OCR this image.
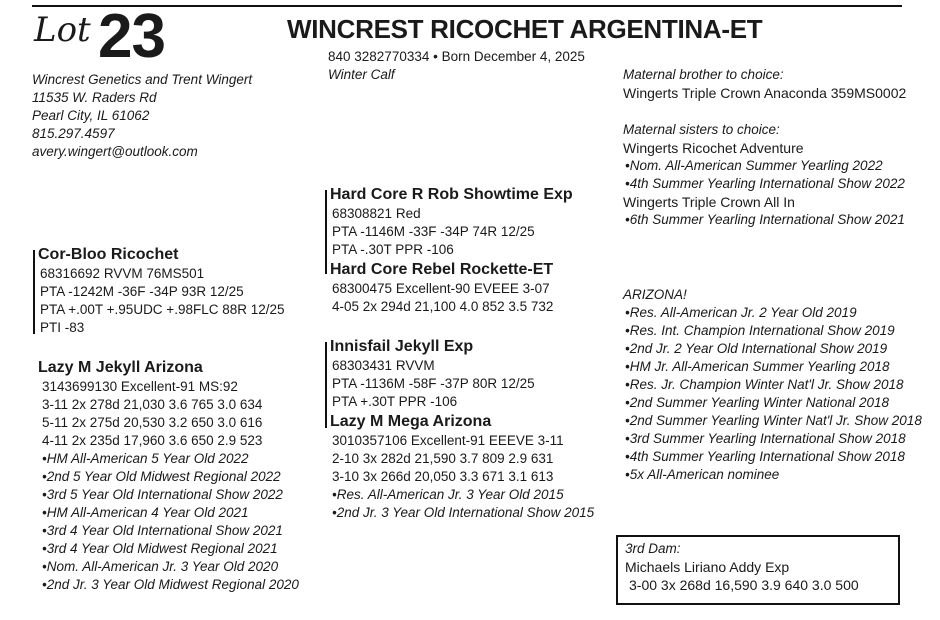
Lot 23	WINCREST RICOCHET ARGENTINA-ET
840 3282770334 • Born December 4, 2025
Winter Calf
Wincrest Genetics and Trent Wingert
11535 W. Raders Rd
Pearl City, IL 61062
815.297.4597
avery.wingert@outlook.com
Cor-Bloo Ricochet
68316692 RVVM 76MS501
PTA -1242M -36F -34P 93R 12/25
PTA +.00T +.95UDC +.98FLC 88R 12/25
PTI -83
Lazy M Jekyll Arizona
3143699130 Excellent-91 MS:92
3-11 2x 278d 21,030 3.6 765 3.0 634
5-11 2x 275d 20,530 3.2 650 3.0 616
4-11 2x 235d 17,960 3.6 650 2.9 523
•HM All-American 5 Year Old 2022
•2nd 5 Year Old Midwest Regional 2022
•3rd 5 Year Old International Show 2022
•HM All-American 4 Year Old 2021
•3rd 4 Year Old International Show 2021
•3rd 4 Year Old Midwest Regional 2021
•Nom. All-American Jr. 3 Year Old 2020
•2nd Jr. 3 Year Old Midwest Regional 2020
Hard Core R Rob Showtime Exp
68308821 Red
PTA -1146M -33F -34P 74R 12/25
PTA -.30T PPR -106
Hard Core Rebel Rockette-ET
68300475 Excellent-90 EVEEE 3-07
4-05 2x 294d 21,100 4.0 852 3.5 732
Innisfail Jekyll Exp
68303431 RVVM
PTA -1136M -58F -37P 80R 12/25
PTA +.30T PPR -106
Lazy M Mega Arizona
3010357106 Excellent-91 EEEVE 3-11
2-10 3x 282d 21,590 3.7 809 2.9 631
3-10 3x 266d 20,050 3.3 671 3.1 613
•Res. All-American Jr. 3 Year Old 2015
•2nd Jr. 3 Year Old International Show 2015
Maternal brother to choice:
Wingerts Triple Crown Anaconda 359MS0002
Maternal sisters to choice:
Wingerts Ricochet Adventure
•Nom. All-American Summer Yearling 2022
•4th Summer Yearling International Show 2022
Wingerts Triple Crown All In
•6th Summer Yearling International Show 2021
ARIZONA!
•Res. All-American Jr. 2 Year Old 2019
•Res. Int. Champion International Show 2019
•2nd Jr. 2 Year Old International Show 2019
•HM Jr. All-American Summer Yearling 2018
•Res. Jr. Champion Winter Nat'l Jr. Show 2018
•2nd Summer Yearling Winter National 2018
•2nd Summer Yearling Winter Nat'l Jr. Show 2018
•3rd Summer Yearling International Show 2018
•4th Summer Yearling International Show 2018
•5x All-American nominee
3rd Dam:
Michaels Liriano Addy Exp
3-00 3x 268d 16,590 3.9 640 3.0 500
